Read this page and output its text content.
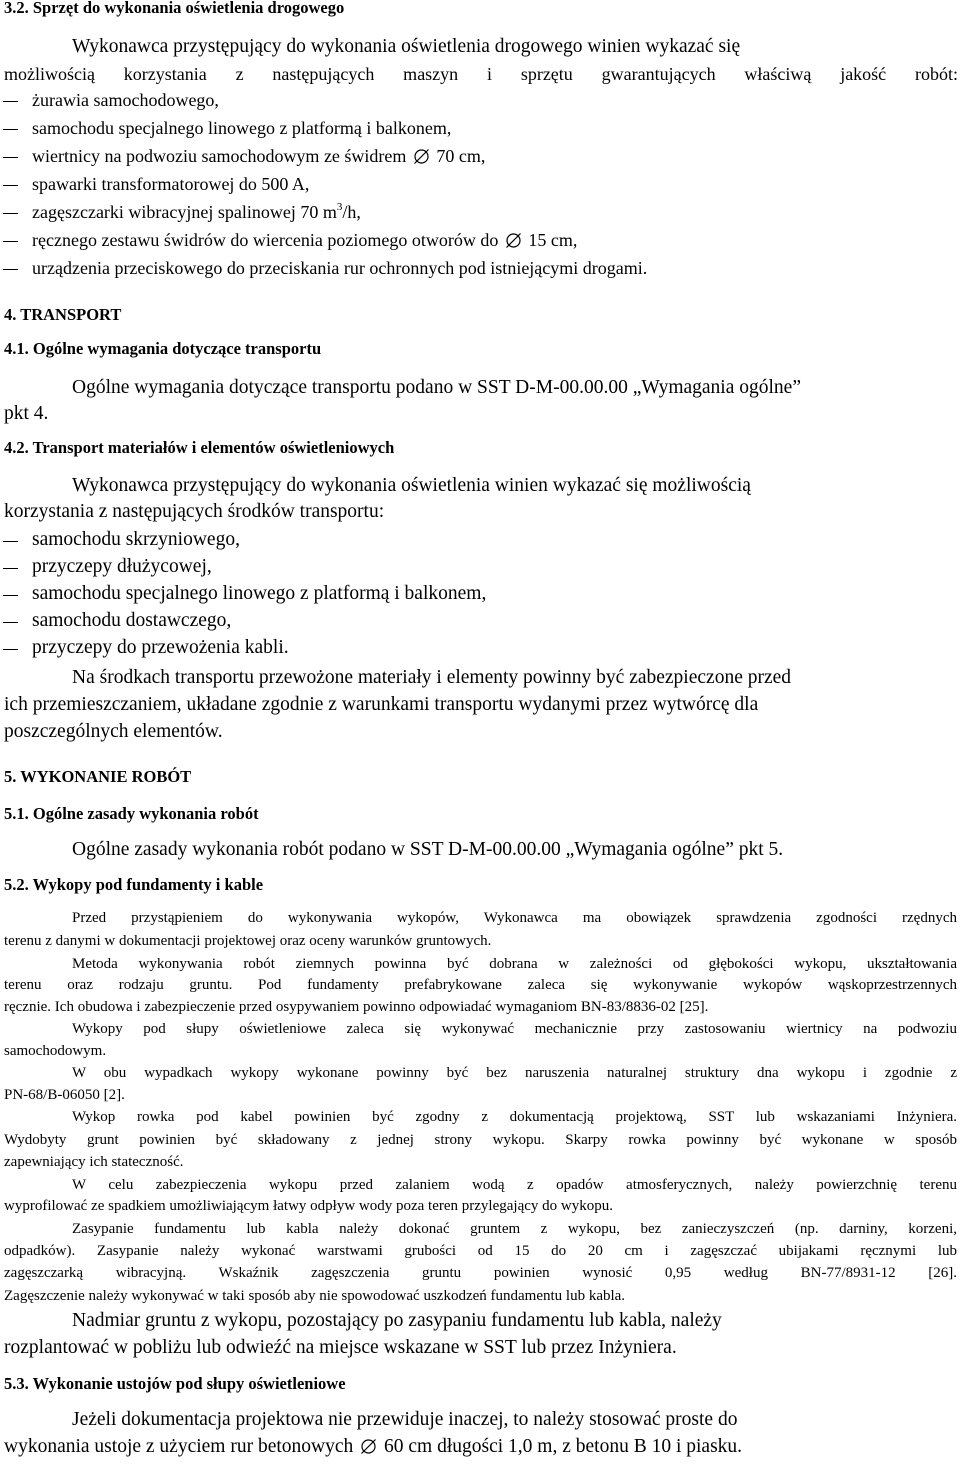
3.2. Sprzęt do wykonania oświetlenia drogowego
Wykonawca przystępujący do wykonania oświetlenia drogowego winien wykazać się
możliwością korzystania z następujących maszyn i sprzętu gwarantujących właściwą jakość robót:
żurawia samochodowego,
samochodu specjalnego linowego z platformą i balkonem,
wiertnicy na podwoziu samochodowym ze świdrem 70 cm,
spawarki transformatorowej do 500 A,
zagęszczarki wibracyjnej spalinowej 70 $m^3/h$,
ręcznego zestawu świdrów do wiercenia poziomego otworów do 15 cm,
urządzenia przeciskowego do przeciskania rur ochronnych pod istniejącymi drogami.
4. TRANSPORT
4.1. Ogólne wymagania dotyczące transportu
Ogólne wymagania dotyczące transportu podano w SST D-M-00.00.00 „Wymagania ogólne”
pkt 4.
4.2. Transport materiałów i elementów oświetleniowych
Wykonawca przystępujący do wykonania oświetlenia winien wykazać się możliwością
korzystania z następujących środków transportu:
samochodu skrzyniowego,
przyczepy dłużycowej,
samochodu specjalnego linowego z platformą i balkonem,
samochodu dostawczego,
przyczepy do przewożenia kabli.
Na środkach transportu przewożone materiały i elementy powinny być zabezpieczone przed
ich przemieszczaniem, układane zgodnie z warunkami transportu wydanymi przez wytwórcę dla
poszczególnych elementów.
5. WYKONANIE ROBÓT
5.1. Ogólne zasady wykonania robót
Ogólne zasady wykonania robót podano w SST D-M-00.00.00 „Wymagania ogólne” pkt 5.
5.2. Wykopy pod fundamenty i kable
Przed przystąpieniem do wykonywania wykopów, Wykonawca ma obowiązek sprawdzenia zgodności rzędnych
terenu z danymi w dokumentacji projektowej oraz oceny warunków gruntowych.
Metoda wykonywania robót ziemnych powinna być dobrana w zależności od głębokości wykopu, ukształtowania
terenu oraz rodzaju gruntu. Pod fundamenty prefabrykowane zaleca się wykonywanie wykopów wąskoprzestrzennych
ręcznie. Ich obudowa i zabezpieczenie przed osypywaniem powinno odpowiadać wymaganiom BN-83/8836-02 [25].
Wykopy pod słupy oświetleniowe zaleca się wykonywać mechanicznie przy zastosowaniu wiertnicy na podwoziu
samochodowym.
W obu wypadkach wykopy wykonane powinny być bez naruszenia naturalnej struktury dna wykopu i zgodnie z
PN-68/B-06050 [2].
Wykop rowka pod kabel powinien być zgodny z dokumentacją projektową, SST lub wskazaniami Inżyniera.
Wydobyty grunt powinien być składowany z jednej strony wykopu. Skarpy rowka powinny być wykonane w sposób
zapewniający ich stateczność.
W celu zabezpieczenia wykopu przed zalaniem wodą z opadów atmosferycznych, należy powierzchnię terenu
wyprofilować ze spadkiem umożliwiającym łatwy odpływ wody poza teren przylegający do wykopu.
Zasypanie fundamentu lub kabla należy dokonać gruntem z wykopu, bez zanieczyszczeń (np. darniny, korzeni,
odpadków). Zasypanie należy wykonać warstwami grubości od 15 do 20 cm i zagęszczać ubijakami ręcznymi lub
zagęszczarką wibracyjną. Wskaźnik zagęszczenia gruntu powinien wynosić 0,95 według BN-77/8931-12 [26].
Zagęszczenie należy wykonywać w taki sposób aby nie spowodować uszkodzeń fundamentu lub kabla.
Nadmiar gruntu z wykopu, pozostający po zasypaniu fundamentu lub kabla, należy
rozplantować w pobliżu lub odwieźć na miejsce wskazane w SST lub przez Inżyniera.
5.3. Wykonanie ustojów pod słupy oświetleniowe
Jeżeli dokumentacja projektowa nie przewiduje inaczej, to należy stosować proste do
wykonania ustoje z użyciem rur betonowych 60 cm długości 1,0 m, z betonu B 10 i piasku.
